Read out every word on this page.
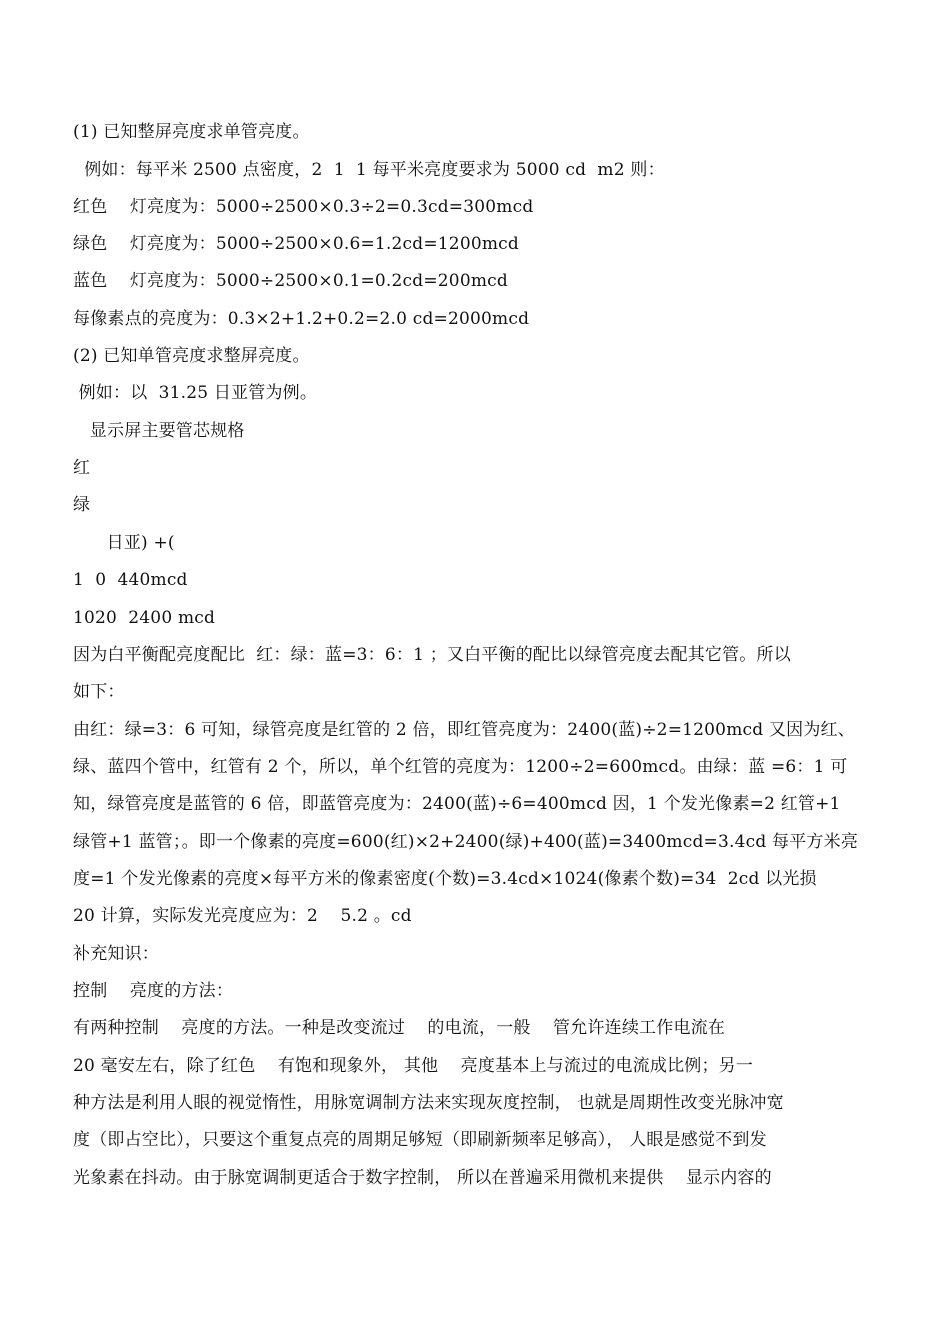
(1) 已知整屏亮度求单管亮度。
例如：每平米 2500 点密度，2  1  1 每平米亮度要求为 5000 cd  m2 则：
红色    灯亮度为：5000÷2500×0.3÷2=0.3cd=300mcd
绿色    灯亮度为：5000÷2500×0.6=1.2cd=1200mcd
蓝色    灯亮度为：5000÷2500×0.1=0.2cd=200mcd
每像素点的亮度为：0.3×2+1.2+0.2=2.0 cd=2000mcd
(2) 已知单管亮度求整屏亮度。
例如：以  31.25 日亚管为例。
显示屏主要管芯规格
红
绿
日亚) +(
1  0  440mcd
1020  2400 mcd
因为白平衡配亮度配比  红：绿：蓝=3：6：1 ；又白平衡的配比以绿管亮度去配其它管。所以
如下：
由红：绿=3：6 可知，绿管亮度是红管的 2 倍，即红管亮度为：2400(蓝)÷2=1200mcd 又因为红、
绿、蓝四个管中，红管有 2 个，所以，单个红管的亮度为：1200÷2=600mcd。由绿：蓝 =6：1 可
知，绿管亮度是蓝管的 6 倍，即蓝管亮度为：2400(蓝)÷6=400mcd 因，1 个发光像素=2 红管+1
绿管+1 蓝管；。即一个像素的亮度=600(红)×2+2400(绿)+400(蓝)=3400mcd=3.4cd 每平方米亮
度=1 个发光像素的亮度×每平方米的像素密度(个数)=3.4cd×1024(像素个数)=34  2cd 以光损
20 计算，实际发光亮度应为：2    5.2 。cd
补充知识：
控制    亮度的方法：
有两种控制    亮度的方法。一种是改变流过    的电流，一般    管允许连续工作电流在
20 毫安左右，除了红色    有饱和现象外， 其他    亮度基本上与流过的电流成比例；另一
种方法是利用人眼的视觉惰性，用脉宽调制方法来实现灰度控制， 也就是周期性改变光脉冲宽
度（即占空比），只要这个重复点亮的周期足够短（即刷新频率足够高）， 人眼是感觉不到发
光象素在抖动。由于脉宽调制更适合于数字控制， 所以在普遍采用微机来提供    显示内容的
